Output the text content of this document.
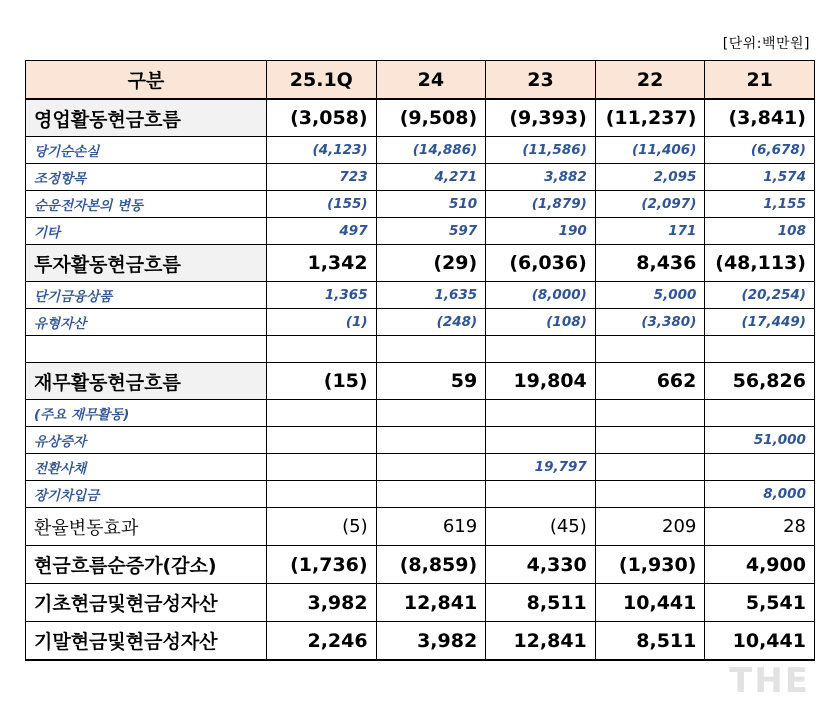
[단위:백만원]
구분	25.1Q	24	23	22	21
영업활동현금흐름	(3,058)	(9,508)	(9,393)	(11,237)	(3,841)
당기순손실	(4,123)	(14,886)	(11,586)	(11,406)	(6,678)
조정항목	723	4,271	3,882	2,095	1,574
순운전자본의 변동	(155)	510	(1,879)	(2,097)	1,155
기타	497	597	190	171	108
투자활동현금흐름	1,342	(29)	(6,036)	8,436	(48,113)
단기금융상품	1,365	1,635	(8,000)	5,000	(20,254)
유형자산	(1)	(248)	(108)	(3,380)	(17,449)

재무활동현금흐름	(15)	59	19,804	662	56,826
(주요 재무활동)					
유상증자					51,000
전환사채			19,797		
장기차입금					8,000
환율변동효과	(5)	619	(45)	209	28
현금흐름순증가(감소)	(1,736)	(8,859)	4,330	(1,930)	4,900
기초현금및현금성자산	3,982	12,841	8,511	10,441	5,541
기말현금및현금성자산	2,246	3,982	12,841	8,511	10,441
THE
